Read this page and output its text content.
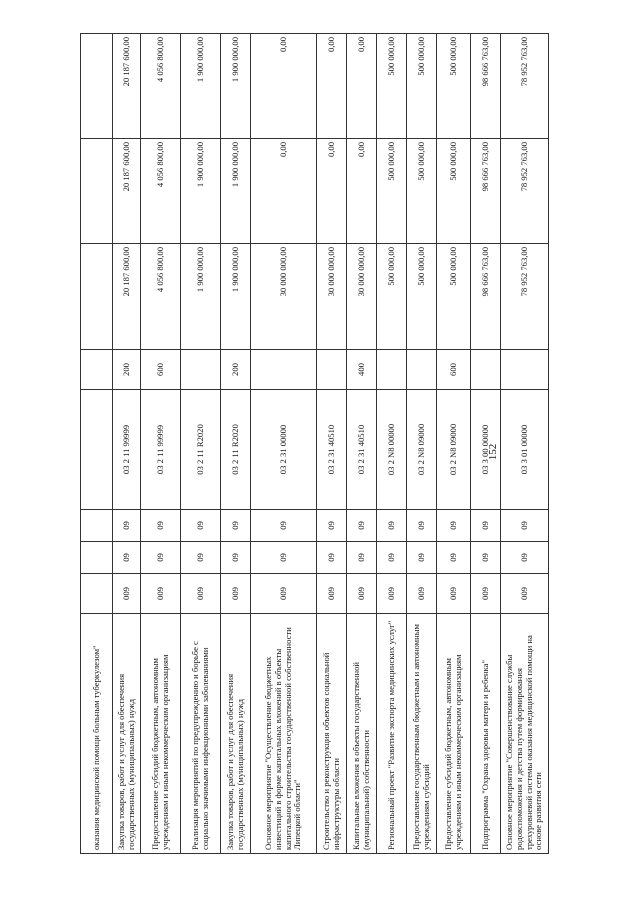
152
оказания медицинской помощи больным туберкулезом"								
Закупка товаров, работ и услуг для обеспечения государственных (муниципальных) нужд	009	09	09	03 2 11 99999	200	20 187 600,00	20 187 600,00	20 187 600,00
Предоставление субсидий бюджетным, автономным учреждениям и иным некоммерческим организациям	009	09	09	03 2 11 99999	600	4 056 800,00	4 056 800,00	4 056 800,00
Реализация мероприятий по предупреждению и борьбе с социально значимыми инфекционными заболеваниями	009	09	09	03 2 11 R2020		1 900 000,00	1 900 000,00	1 900 000,00
Закупка товаров, работ и услуг для обеспечения государственных (муниципальных) нужд	009	09	09	03 2 11 R2020	200	1 900 000,00	1 900 000,00	1 900 000,00
Основное мероприятие "Осуществление бюджетных инвестиций в форме капитальных вложений в объекты капитального строительства государственной собственности Липецкой области"	009	09	09	03 2 31 00000		30 000 000,00	0,00	0,00
Строительство и реконструкция объектов социальной инфраструктуры области	009	09	09	03 2 31 40510		30 000 000,00	0,00	0,00
Капитальные вложения в объекты государственной (муниципальной) собственности	009	09	09	03 2 31 40510	400	30 000 000,00	0,00	0,00
Региональный проект "Развитие экспорта медицинских услуг"	009	09	09	03 2 N8 00000		500 000,00	500 000,00	500 000,00
Предоставление государственным бюджетным и автономным учреждениям субсидий	009	09	09	03 2 N8 09000		500 000,00	500 000,00	500 000,00
Предоставление субсидий бюджетным, автономным учреждениям и иным некоммерческим организациям	009	09	09	03 2 N8 09000	600	500 000,00	500 000,00	500 000,00
Подпрограмма "Охрана здоровья матери и ребенка"	009	09	09	03 3 00 00000		98 666 763,00	98 666 763,00	98 666 763,00
Основное мероприятие "Совершенствование службы родовспоможения и детства путем формирования трехуровневой системы оказания медицинской помощи на основе развития сети	009	09	09	03 3 01 00000		78 952 763,00	78 952 763,00	78 952 763,00
